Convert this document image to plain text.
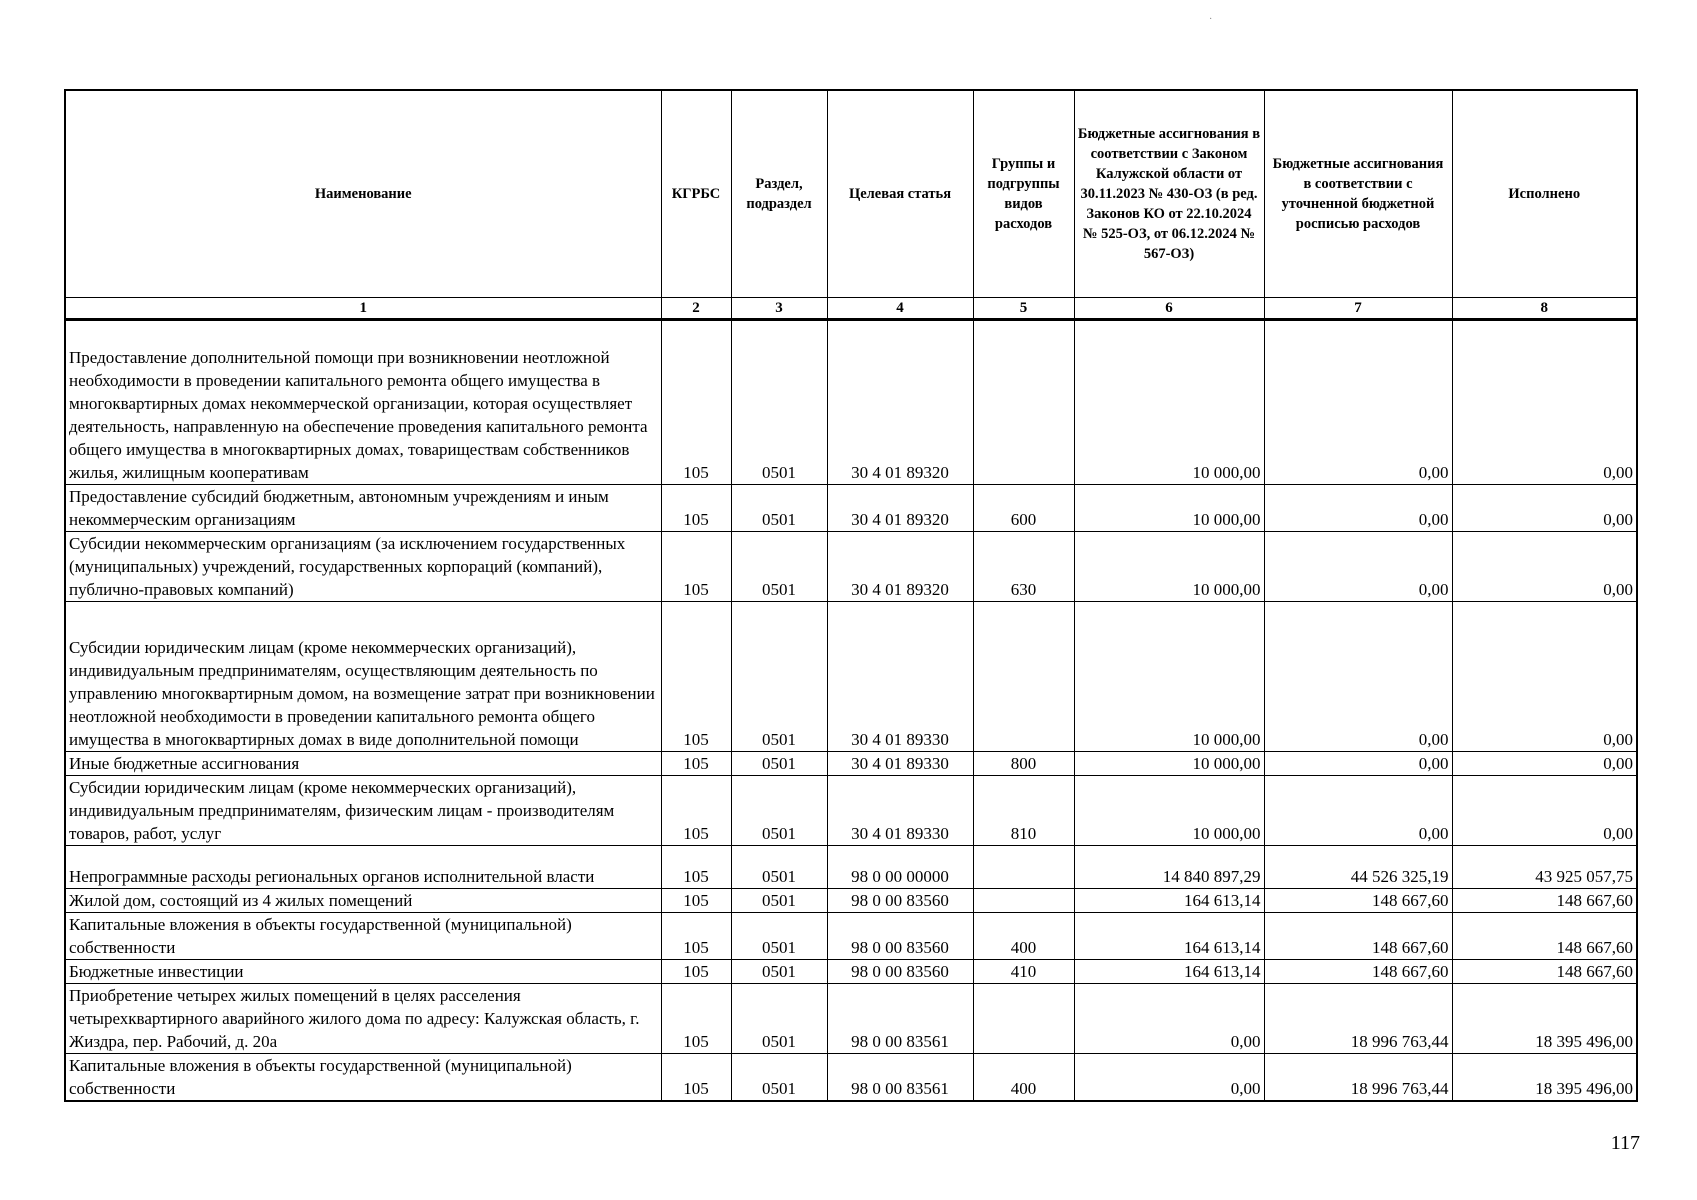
Наименование	КГРБС	Раздел, подраздел	Целевая статья	Группы и подгруппы видов расходов	Бюджетные ассигнования в соответствии с Законом Калужской области от 30.11.2023 № 430-ОЗ (в ред. Законов КО от 22.10.2024 № 525-ОЗ, от 06.12.2024 № 567-ОЗ)	Бюджетные ассигнования в соответствии с уточненной бюджетной росписью расходов	Исполнено
1	2	3	4	5	6	7	8
Предоставление дополнительной помощи при возникновении неотложной необходимости в проведении капитального ремонта общего имущества в многоквартирных домах некоммерческой организации, которая осуществляет деятельность, направленную на обеспечение проведения капитального ремонта общего имущества в многоквартирных домах, товариществам собственников жилья, жилищным кооперативам	105	0501	30 4 01 89320		10 000,00	0,00	0,00
Предоставление субсидий бюджетным, автономным учреждениям и иным некоммерческим организациям	105	0501	30 4 01 89320	600	10 000,00	0,00	0,00
Субсидии некоммерческим организациям (за исключением государственных (муниципальных) учреждений, государственных корпораций (компаний), публично-правовых компаний)	105	0501	30 4 01 89320	630	10 000,00	0,00	0,00
Субсидии юридическим лицам (кроме некоммерческих организаций), индивидуальным предпринимателям, осуществляющим деятельность по управлению многоквартирным домом, на возмещение затрат при возникновении неотложной необходимости в проведении капитального ремонта общего имущества в многоквартирных домах в виде дополнительной помощи	105	0501	30 4 01 89330		10 000,00	0,00	0,00
Иные бюджетные ассигнования	105	0501	30 4 01 89330	800	10 000,00	0,00	0,00
Субсидии юридическим лицам (кроме некоммерческих организаций), индивидуальным предпринимателям, физическим лицам - производителям товаров, работ, услуг	105	0501	30 4 01 89330	810	10 000,00	0,00	0,00
Непрограммные расходы региональных органов исполнительной власти	105	0501	98 0 00 00000		14 840 897,29	44 526 325,19	43 925 057,75
Жилой дом, состоящий из 4 жилых помещений	105	0501	98 0 00 83560		164 613,14	148 667,60	148 667,60
Капитальные вложения в объекты государственной (муниципальной) собственности	105	0501	98 0 00 83560	400	164 613,14	148 667,60	148 667,60
Бюджетные инвестиции	105	0501	98 0 00 83560	410	164 613,14	148 667,60	148 667,60
Приобретение четырех жилых помещений в целях расселения четырехквартирного аварийного жилого дома по адресу: Калужская область, г. Жиздра, пер. Рабочий, д. 20а	105	0501	98 0 00 83561		0,00	18 996 763,44	18 395 496,00
Капитальные вложения в объекты государственной (муниципальной) собственности	105	0501	98 0 00 83561	400	0,00	18 996 763,44	18 395 496,00
·
117
